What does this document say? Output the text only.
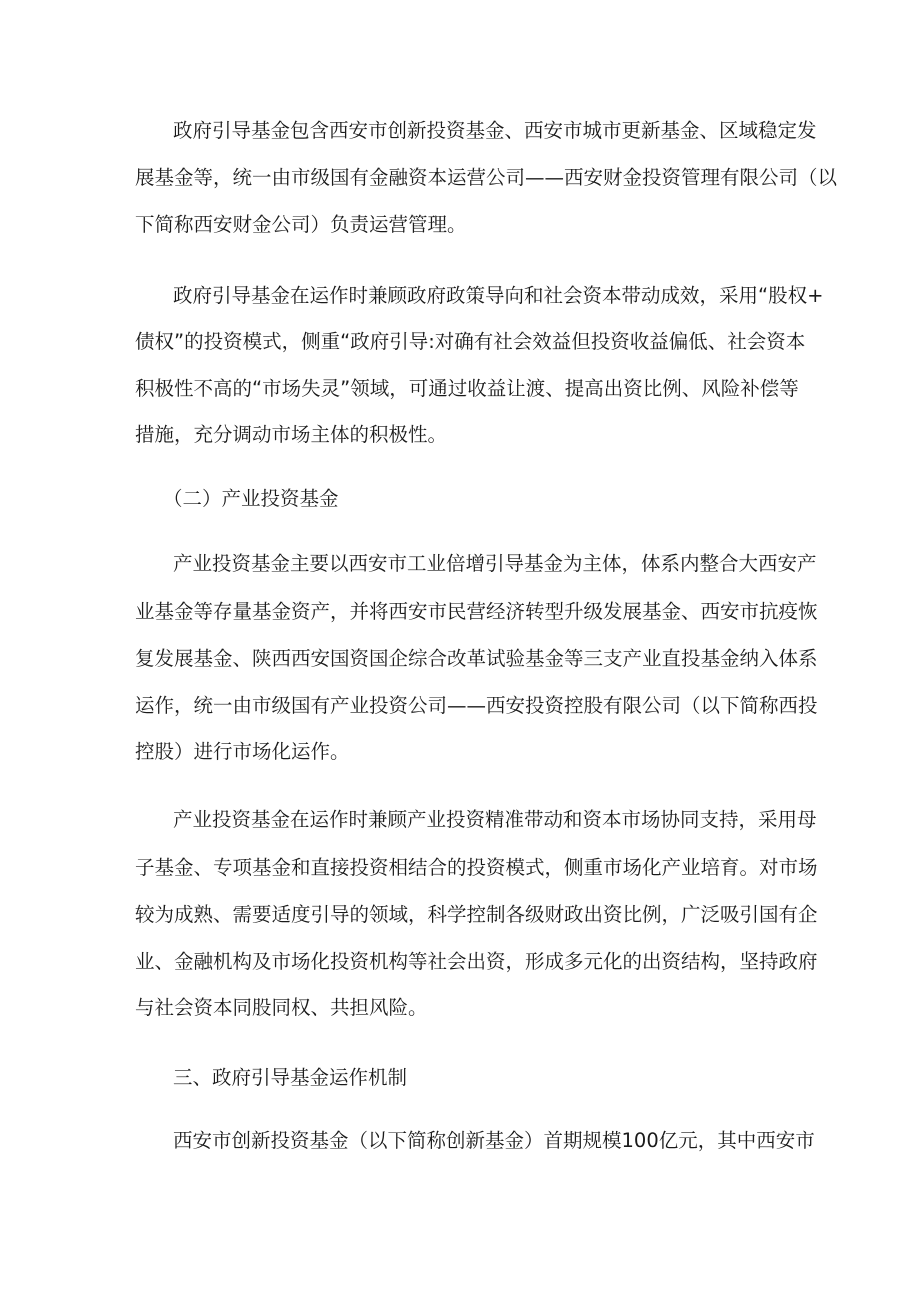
政府引导基金包含西安市创新投资基金、西安市城市更新基金、区域稳定发
展基金等，统一由市级国有金融资本运营公司——西安财金投资管理有限公司（以
下简称西安财金公司）负责运营管理。
政府引导基金在运作时兼顾政府政策导向和社会资本带动成效，采用“股权+
债权”的投资模式，侧重“政府引导:对确有社会效益但投资收益偏低、社会资本
积极性不高的“市场失灵”领域，可通过收益让渡、提高出资比例、风险补偿等
措施，充分调动市场主体的积极性。
（二）产业投资基金
产业投资基金主要以西安市工业倍增引导基金为主体，体系内整合大西安产
业基金等存量基金资产，并将西安市民营经济转型升级发展基金、西安市抗疫恢
复发展基金、陕西西安国资国企综合改革试验基金等三支产业直投基金纳入体系
运作，统一由市级国有产业投资公司——西安投资控股有限公司（以下简称西投
控股）进行市场化运作。
产业投资基金在运作时兼顾产业投资精准带动和资本市场协同支持，采用母
子基金、专项基金和直接投资相结合的投资模式，侧重市场化产业培育。对市场
较为成熟、需要适度引导的领域，科学控制各级财政出资比例，广泛吸引国有企
业、金融机构及市场化投资机构等社会出资，形成多元化的出资结构，坚持政府
与社会资本同股同权、共担风险。
三、政府引导基金运作机制
西安市创新投资基金（以下简称创新基金）首期规模100亿元，其中西安市
